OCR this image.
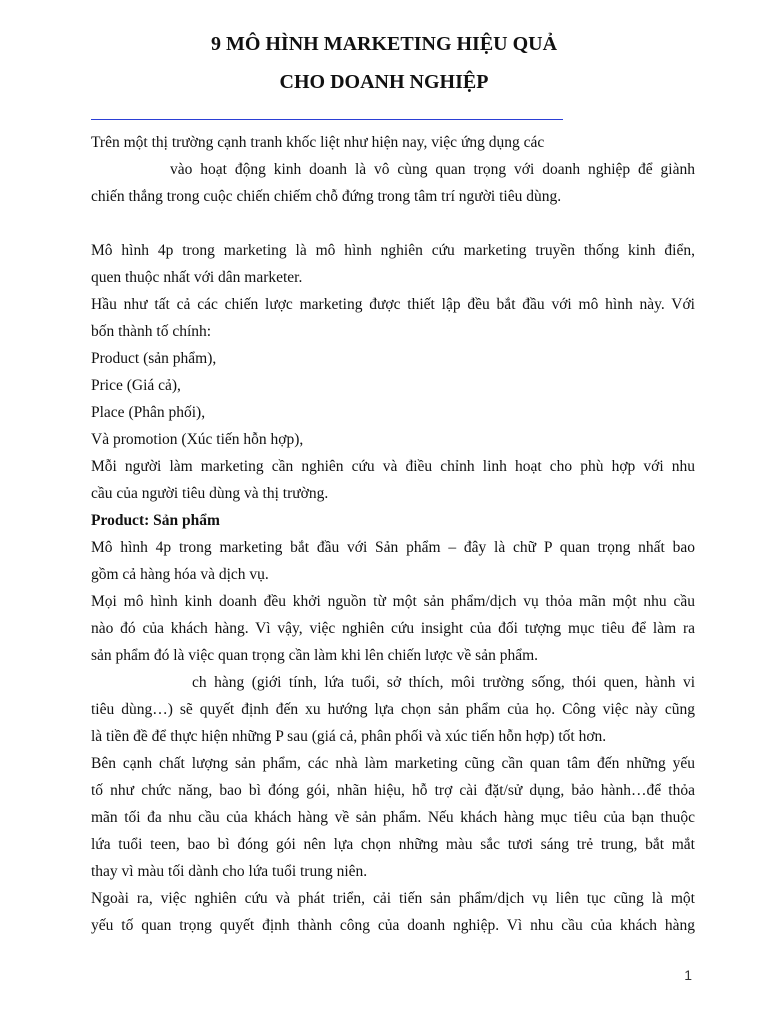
9 MÔ HÌNH MARKETING HIỆU QUẢ
CHO DOANH NGHIỆP
Trên một thị trường cạnh tranh khốc liệt như hiện nay, việc ứng dụng các
vào hoạt động kinh doanh là vô cùng quan trọng với doanh nghiệp để giành
chiến thắng trong cuộc chiến chiếm chỗ đứng trong tâm trí người tiêu dùng.
Mô hình 4p trong marketing là mô hình nghiên cứu marketing truyền thống kinh điển,
quen thuộc nhất với dân marketer.
Hầu như tất cả các chiến lược marketing được thiết lập đều bắt đầu với mô hình này. Với
bốn thành tố chính:
Product (sản phẩm),
Price (Giá cả),
Place (Phân phối),
Và promotion (Xúc tiến hỗn hợp),
Mỗi người làm marketing cần nghiên cứu và điều chỉnh linh hoạt cho phù hợp với nhu
cầu của người tiêu dùng và thị trường.
Product: Sản phẩm
Mô hình 4p trong marketing bắt đầu với Sản phẩm – đây là chữ P quan trọng nhất bao
gồm cả hàng hóa và dịch vụ.
Mọi mô hình kinh doanh đều khởi nguồn từ một sản phẩm/dịch vụ thỏa mãn một nhu cầu
nào đó của khách hàng. Vì vậy, việc nghiên cứu insight của đối tượng mục tiêu để làm ra
sản phẩm đó là việc quan trọng cần làm khi lên chiến lược về sản phẩm.
ch hàng (giới tính, lứa tuổi, sở thích, môi trường sống, thói quen, hành vi
tiêu dùng…) sẽ quyết định đến xu hướng lựa chọn sản phẩm của họ. Công việc này cũng
là tiền đề để thực hiện những P sau (giá cả, phân phối và xúc tiến hỗn hợp) tốt hơn.
Bên cạnh chất lượng sản phẩm, các nhà làm marketing cũng cần quan tâm đến những yếu
tố như chức năng, bao bì đóng gói, nhãn hiệu, hỗ trợ cài đặt/sử dụng, bảo hành…để thỏa
mãn tối đa nhu cầu của khách hàng về sản phẩm. Nếu khách hàng mục tiêu của bạn thuộc
lứa tuổi teen, bao bì đóng gói nên lựa chọn những màu sắc tươi sáng trẻ trung, bắt mắt
thay vì màu tối dành cho lứa tuổi trung niên.
Ngoài ra, việc nghiên cứu và phát triển, cải tiến sản phẩm/dịch vụ liên tục cũng là một
yếu tố quan trọng quyết định thành công của doanh nghiệp. Vì nhu cầu của khách hàng
1
